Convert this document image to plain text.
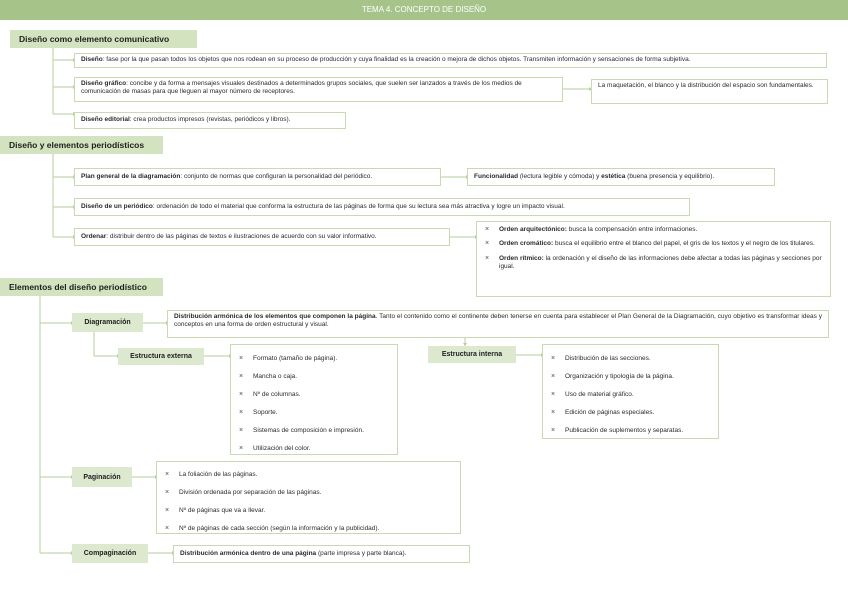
TEMA 4. CONCEPTO DE DISEÑO
Diseño como elemento comunicativo
Diseño: fase por la que pasan todos los objetos que nos rodean en su proceso de producción y cuya finalidad es la creación o mejora de dichos objetos. Transmiten información y sensaciones de forma subjetiva.
Diseño gráfico: concibe y da forma a mensajes visuales destinados a determinados grupos sociales, que suelen ser lanzados a través de los medios de comunicación de masas para que lleguen al mayor número de receptores.
La maquetación, el blanco y la distribución del espacio son fundamentales.
Diseño editorial: crea productos impresos (revistas, periódicos y libros).
Diseño y elementos periodísticos
Plan general de la diagramación: conjunto de normas que configuran la personalidad del periódico.	Funcionalidad (lectura legible y cómoda) y estética (buena presencia y equilibrio).
Diseño de un periódico: ordenación de todo el material que conforma la estructura de las páginas de forma que su lectura sea más atractiva y logre un impacto visual.
Ordenar: distribuir dentro de las páginas de textos e ilustraciones de acuerdo con su valor informativo.
× Orden arquitectónico: busca la compensación entre informaciones.
× Orden cromático: busca el equilibrio entre el blanco del papel, el gris de los textos y el negro de los titulares.
× Orden rítmico: la ordenación y el diseño de las informaciones debe afectar a todas las páginas y secciones por igual.
Elementos del diseño periodístico
Diagramación
Distribución armónica de los elementos que componen la página. Tanto el contenido como el continente deben tenerse en cuenta para establecer el Plan General de la Diagramación, cuyo objetivo es transformar ideas y conceptos en una forma de orden estructural y visual.
Estructura externa	× Formato (tamaño de página).
× Mancha o caja.
× Nº de columnas.
× Soporte.
× Sistemas de composición e impresión.
× Utilización del color.
Estructura interna
× Distribución de las secciones.
× Organización y tipología de la página.
× Uso de material gráfico.
× Edición de páginas especiales.
× Publicación de suplementos y separatas.
Paginación	× La foliación de las páginas.
× División ordenada por separación de las páginas.
× Nº de páginas que va a llevar.
× Nº de páginas de cada sección (según la información y la publicidad).
Compaginación	Distribución armónica dentro de una página (parte impresa y parte blanca).
